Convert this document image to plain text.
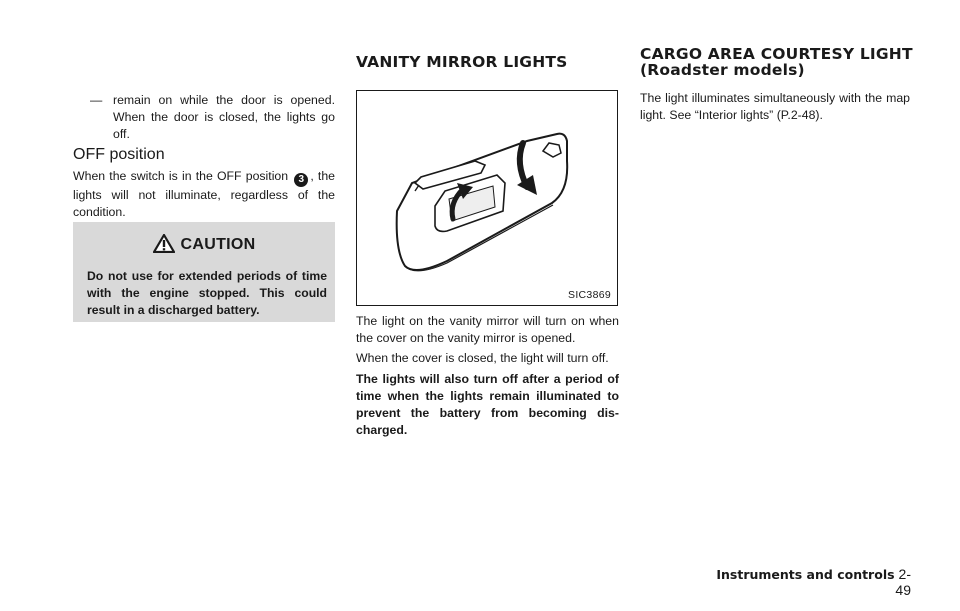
— remain on while the door is opened. When the door is closed, the lights go off.
OFF position

When the switch is in the OFF position 3 , the lights will not illuminate, regardless of the condition.

CAUTION
Do not use for extended periods of time with the engine stopped. This could result in a discharged battery.
VANITY MIRROR LIGHTS
SIC3869

The light on the vanity mirror will turn on when the cover on the vanity mirror is opened.

When the cover is closed, the light will turn off.

The lights will also turn off after a period of time when the lights remain illuminated to prevent the battery from becoming dis-charged.

CARGO AREA COURTESY LIGHT
(Roadster models)

The light illuminates simultaneously with the map light. See “Interior lights” (P.2-48).

Instruments and controls 2-49
